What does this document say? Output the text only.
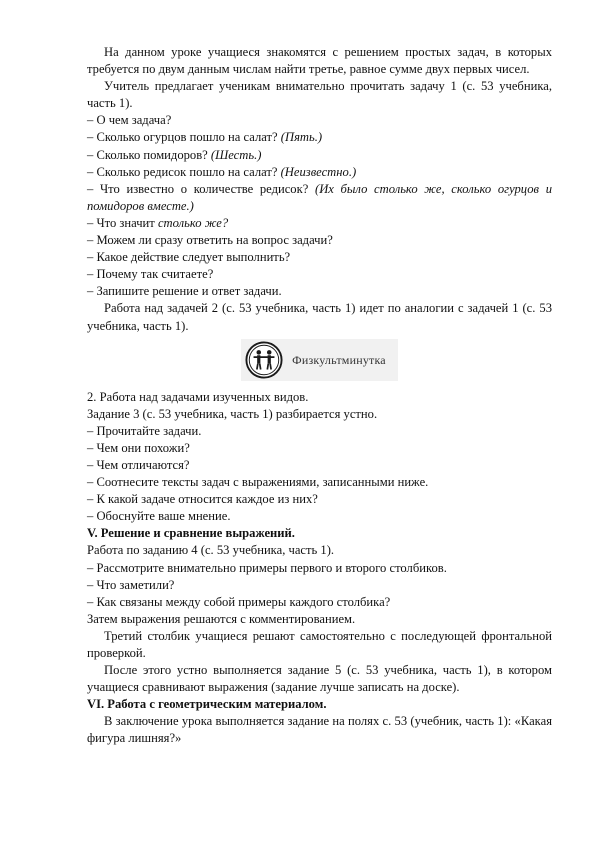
На данном уроке учащиеся знакомятся с решением простых задач, в которых требуется по двум данным числам найти третье, равное сумме двух первых чисел.

Учитель предлагает ученикам внимательно прочитать задачу 1 (с. 53 учебника, часть 1).

– О чем задача?

– Сколько огурцов пошло на салат? (Пять.)

– Сколько помидоров? (Шесть.)

– Сколько редисок пошло на салат? (Неизвестно.)

– Что известно о количестве редисок? (Их было столько же, сколько огурцов и помидоров вместе.)

– Что значит столько же?

– Можем ли сразу ответить на вопрос задачи?

– Какое действие следует выполнить?

– Почему так считаете?

– Запишите решение и ответ задачи.

Работа над задачей 2 (с. 53 учебника, часть 1) идет по аналогии с задачей 1 (с. 53 учебника, часть 1).

Физкультминутка

2. Работа над задачами изученных видов.

Задание 3 (с. 53 учебника, часть 1) разбирается устно.

– Прочитайте задачи.

– Чем они похожи?

– Чем отличаются?

– Соотнесите тексты задач с выражениями, записанными ниже.

– К какой задаче относится каждое из них?

– Обоснуйте ваше мнение.

V. Решение и сравнение выражений.

Работа по заданию 4 (с. 53 учебника, часть 1).

– Рассмотрите внимательно примеры первого и второго столбиков.

– Что заметили?

– Как связаны между собой примеры каждого столбика?

Затем выражения решаются с комментированием.

Третий столбик учащиеся решают самостоятельно с последующей фронтальной проверкой.

После этого устно выполняется задание 5 (с. 53 учебника, часть 1), в котором учащиеся сравнивают выражения (задание лучше записать на доске).

VI. Работа с геометрическим материалом.

В заключение урока выполняется задание на полях с. 53 (учебник, часть 1): «Какая фигура лишняя?»
